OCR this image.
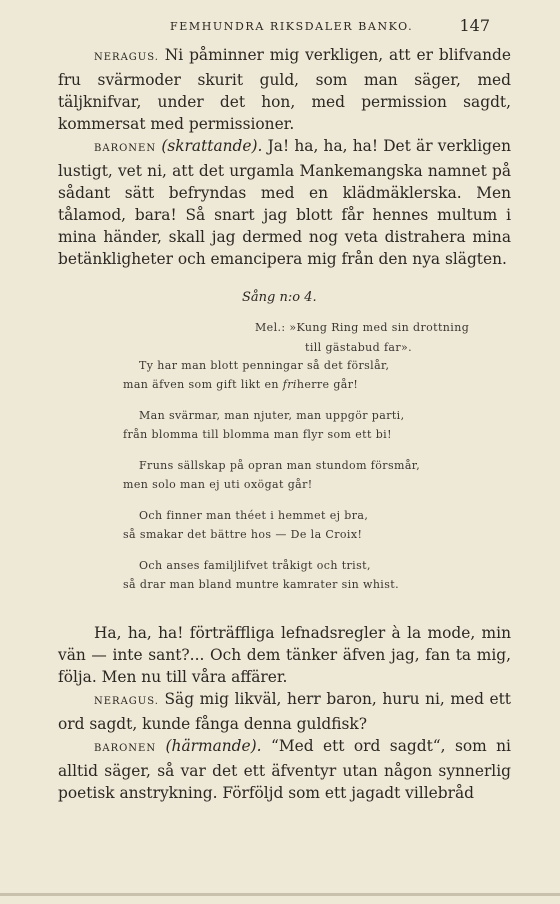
FEMHUNDRA RIKSDALER BANKO.	147

NERAGUS. Ni påminner mig verkligen, att er blifvande fru svärmoder skurit guld, som man säger, med täljknifvar, under det hon, med permission sagdt, kommersat med permissioner.

BARONEN (skrattande). Ja! ha, ha, ha! Det är verkligen lustigt, vet ni, att det urgamla Mankemangska namnet på sådant sätt befryndas med en klädmäklerska. Men tålamod, bara! Så snart jag blott får hennes multum i mina händer, skall jag dermed nog veta distrahera mina betänkligheter och emancipera mig från den nya slägten.

Sång n:o 4.
Mel.: »Kung Ring med sin drottning
till gästabud far».
Ty har man blott penningar så det förslår,
man äfven som gift likt en friherre går!
Man svärmar, man njuter, man uppgör parti,
från blomma till blomma man flyr som ett bi!
Fruns sällskap på opran man stundom försmår,
men solo man ej uti oxögat går!
Och finner man théet i hemmet ej bra,
så smakar det bättre hos — De la Croix!
Och anses familjlifvet tråkigt och trist,
så drar man bland muntre kamrater sin whist.

Ha, ha, ha! förträffliga lefnadsregler à la mode, min vän — inte sant?... Och dem tänker äfven jag, fan ta mig, följa. Men nu till våra affärer.

NERAGUS. Säg mig likväl, herr baron, huru ni, med ett ord sagdt, kunde fånga denna guldfisk?

BARONEN (härmande). “Med ett ord sagdt“, som ni alltid säger, så var det ett äfventyr utan någon synnerlig poetisk anstrykning. Förföljd som ett jagadt villebråd
